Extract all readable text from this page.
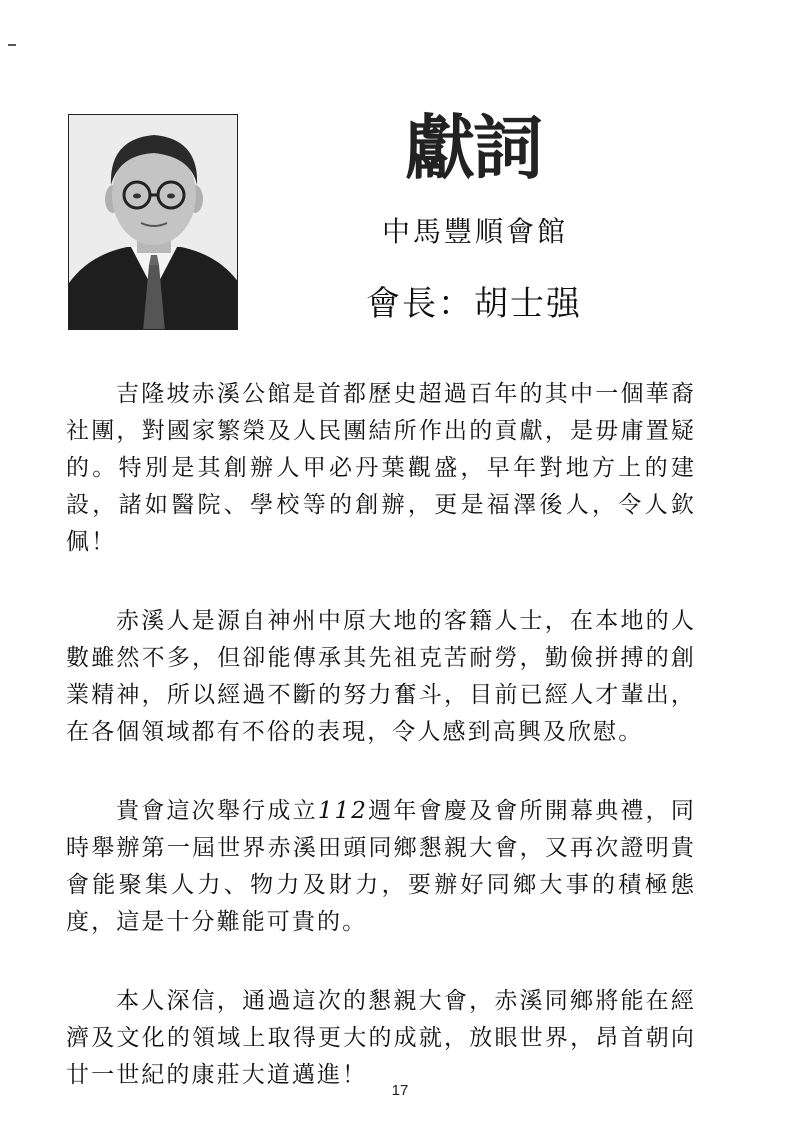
獻詞
中馬豐順會館
會長：胡士强

吉隆坡赤溪公館是首都歷史超過百年的其中一個華裔社團，對國家繁榮及人民團結所作出的貢獻，是毋庸置疑的。特別是其創辦人甲必丹葉觀盛，早年對地方上的建設，諸如醫院、學校等的創辦，更是福澤後人，令人欽佩！

赤溪人是源自神州中原大地的客籍人士，在本地的人數雖然不多，但卻能傳承其先祖克苦耐勞，勤儉拼搏的創業精神，所以經過不斷的努力奮斗，目前已經人才輩出，在各個領域都有不俗的表現，令人感到高興及欣慰。

貴會這次舉行成立112週年會慶及會所開幕典禮，同時舉辦第一屆世界赤溪田頭同鄉懇親大會，又再次證明貴會能聚集人力、物力及財力，要辦好同鄉大事的積極態度，這是十分難能可貴的。

本人深信，通過這次的懇親大會，赤溪同鄉將能在經濟及文化的領域上取得更大的成就，放眼世界，昂首朝向廿一世紀的康莊大道邁進！

17
